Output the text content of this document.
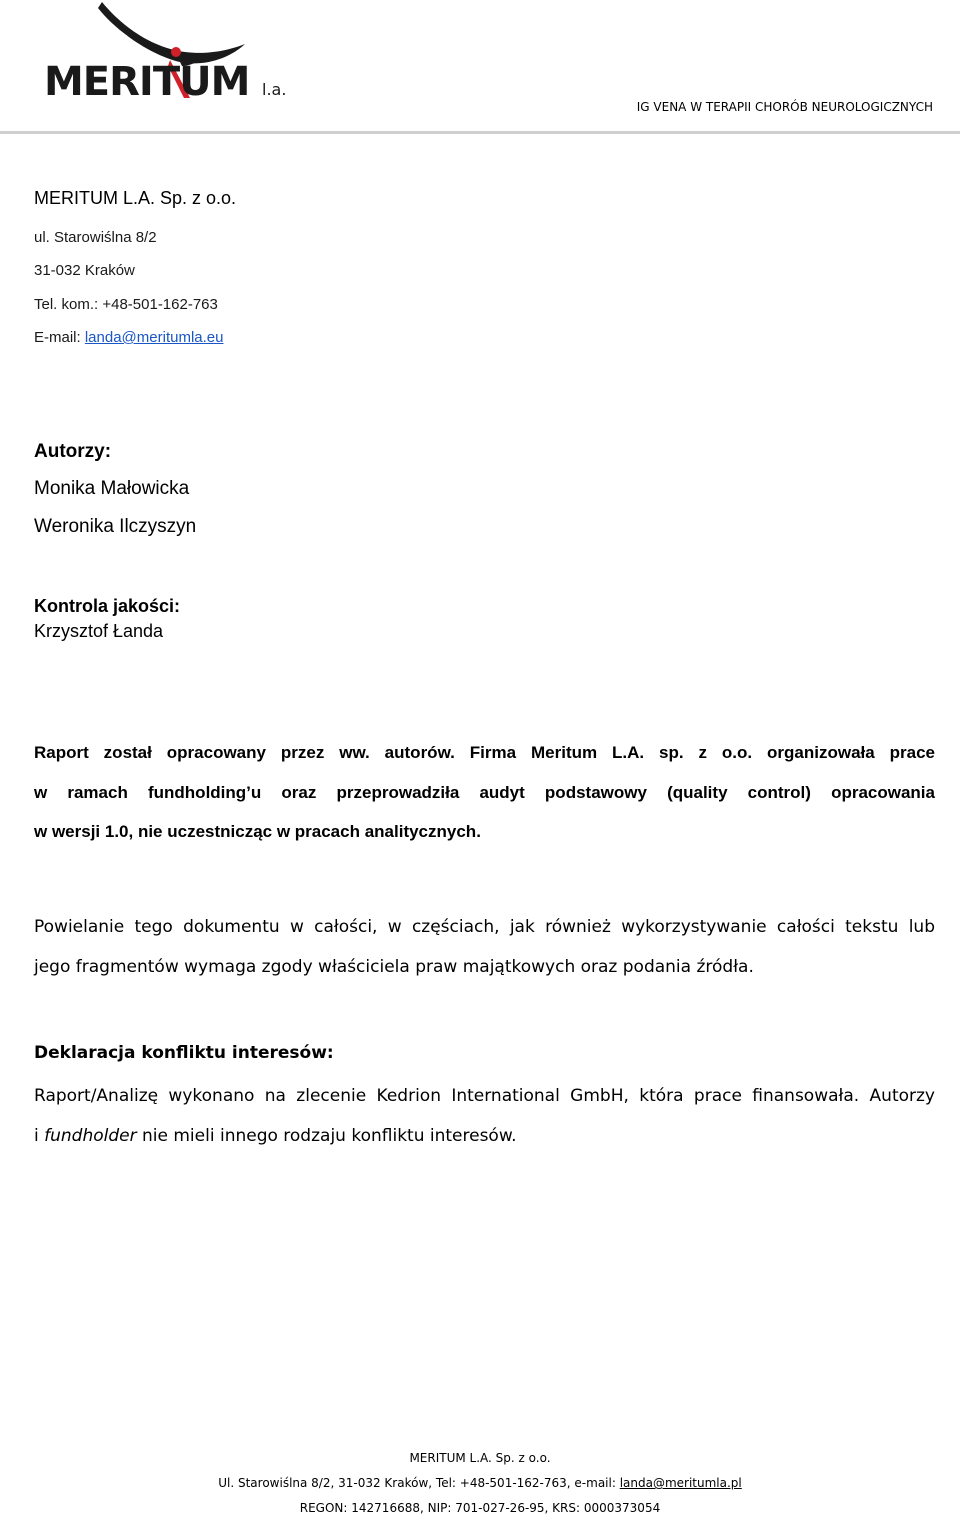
MERITUM l.a.
IG VENA W TERAPII CHORÓB NEUROLOGICZNYCH
MERITUM L.A. Sp. z o.o.
ul. Starowiślna 8/2
31-032 Kraków
Tel. kom.: +48-501-162-763
E-mail: landa@meritumla.eu
Autorzy:
Monika Małowicka
Weronika Ilczyszyn
Kontrola jakości:
Krzysztof Łanda
Raport został opracowany przez ww. autorów. Firma Meritum L.A. sp. z o.o. organizowała prace
w ramach fundholding’u oraz przeprowadziła audyt podstawowy (quality control) opracowania
w wersji 1.0, nie uczestnicząc w pracach analitycznych.
Powielanie tego dokumentu w całości, w częściach, jak również wykorzystywanie całości tekstu lub
jego fragmentów wymaga zgody właściciela praw majątkowych oraz podania źródła.
Deklaracja konfliktu interesów:
Raport/Analizę wykonano na zlecenie Kedrion International GmbH, która prace finansowała. Autorzy
i fundholder nie mieli innego rodzaju konfliktu interesów.
MERITUM L.A. Sp. z o.o.
Ul. Starowiślna 8/2, 31-032 Kraków, Tel: +48-501-162-763, e-mail: landa@meritumla.pl
REGON: 142716688, NIP: 701-027-26-95, KRS: 0000373054
